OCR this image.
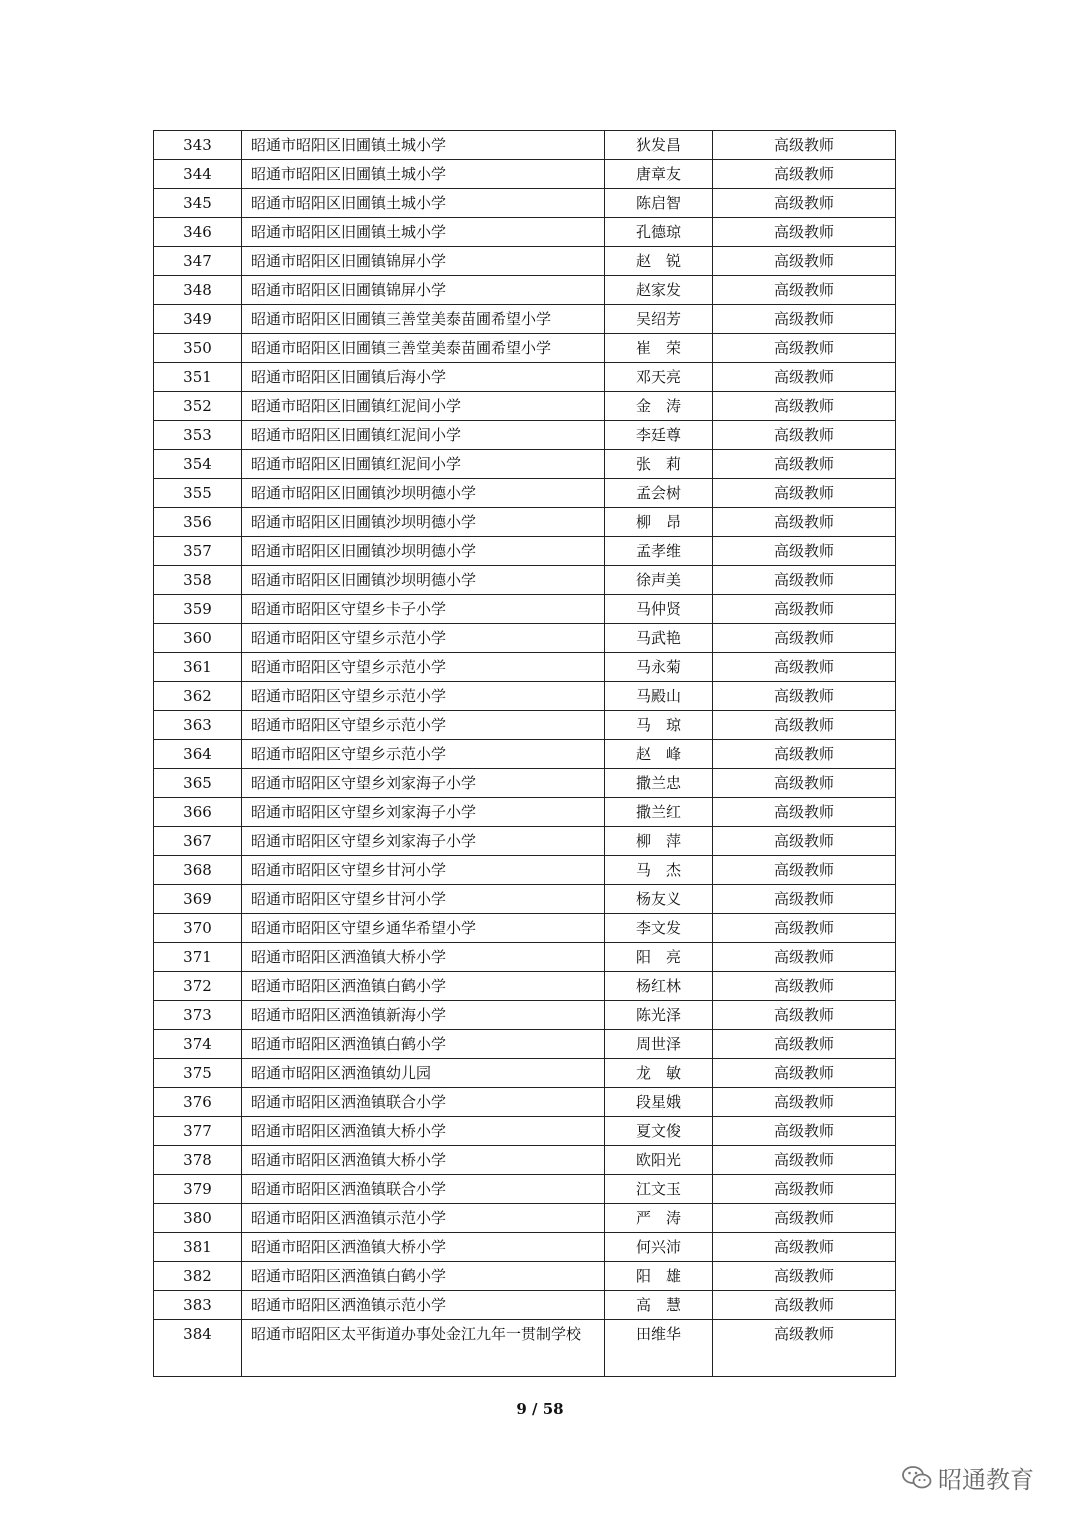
343	昭通市昭阳区旧圃镇土城小学	狄发昌	高级教师
344	昭通市昭阳区旧圃镇土城小学	唐章友	高级教师
345	昭通市昭阳区旧圃镇土城小学	陈启智	高级教师
346	昭通市昭阳区旧圃镇土城小学	孔德琼	高级教师
347	昭通市昭阳区旧圃镇锦屏小学	赵　锐	高级教师
348	昭通市昭阳区旧圃镇锦屏小学	赵家发	高级教师
349	昭通市昭阳区旧圃镇三善堂美泰苗圃希望小学	吴绍芳	高级教师
350	昭通市昭阳区旧圃镇三善堂美泰苗圃希望小学	崔　荣	高级教师
351	昭通市昭阳区旧圃镇后海小学	邓天亮	高级教师
352	昭通市昭阳区旧圃镇红泥间小学	金　涛	高级教师
353	昭通市昭阳区旧圃镇红泥间小学	李廷尊	高级教师
354	昭通市昭阳区旧圃镇红泥间小学	张　莉	高级教师
355	昭通市昭阳区旧圃镇沙坝明德小学	孟会树	高级教师
356	昭通市昭阳区旧圃镇沙坝明德小学	柳　昂	高级教师
357	昭通市昭阳区旧圃镇沙坝明德小学	孟孝维	高级教师
358	昭通市昭阳区旧圃镇沙坝明德小学	徐声美	高级教师
359	昭通市昭阳区守望乡卡子小学	马仲贤	高级教师
360	昭通市昭阳区守望乡示范小学	马武艳	高级教师
361	昭通市昭阳区守望乡示范小学	马永菊	高级教师
362	昭通市昭阳区守望乡示范小学	马殿山	高级教师
363	昭通市昭阳区守望乡示范小学	马　琼	高级教师
364	昭通市昭阳区守望乡示范小学	赵　峰	高级教师
365	昭通市昭阳区守望乡刘家海子小学	撒兰忠	高级教师
366	昭通市昭阳区守望乡刘家海子小学	撒兰红	高级教师
367	昭通市昭阳区守望乡刘家海子小学	柳　萍	高级教师
368	昭通市昭阳区守望乡甘河小学	马　杰	高级教师
369	昭通市昭阳区守望乡甘河小学	杨友义	高级教师
370	昭通市昭阳区守望乡通华希望小学	李文发	高级教师
371	昭通市昭阳区洒渔镇大桥小学	阳　亮	高级教师
372	昭通市昭阳区洒渔镇白鹤小学	杨红林	高级教师
373	昭通市昭阳区洒渔镇新海小学	陈光泽	高级教师
374	昭通市昭阳区洒渔镇白鹤小学	周世泽	高级教师
375	昭通市昭阳区洒渔镇幼儿园	龙　敏	高级教师
376	昭通市昭阳区洒渔镇联合小学	段星娥	高级教师
377	昭通市昭阳区洒渔镇大桥小学	夏文俊	高级教师
378	昭通市昭阳区洒渔镇大桥小学	欧阳光	高级教师
379	昭通市昭阳区洒渔镇联合小学	江文玉	高级教师
380	昭通市昭阳区洒渔镇示范小学	严　涛	高级教师
381	昭通市昭阳区洒渔镇大桥小学	何兴沛	高级教师
382	昭通市昭阳区洒渔镇白鹤小学	阳　雄	高级教师
383	昭通市昭阳区洒渔镇示范小学	高　慧	高级教师
384	昭通市昭阳区太平街道办事处金江九年一贯制学校	田维华	高级教师
9 / 58
昭通教育
